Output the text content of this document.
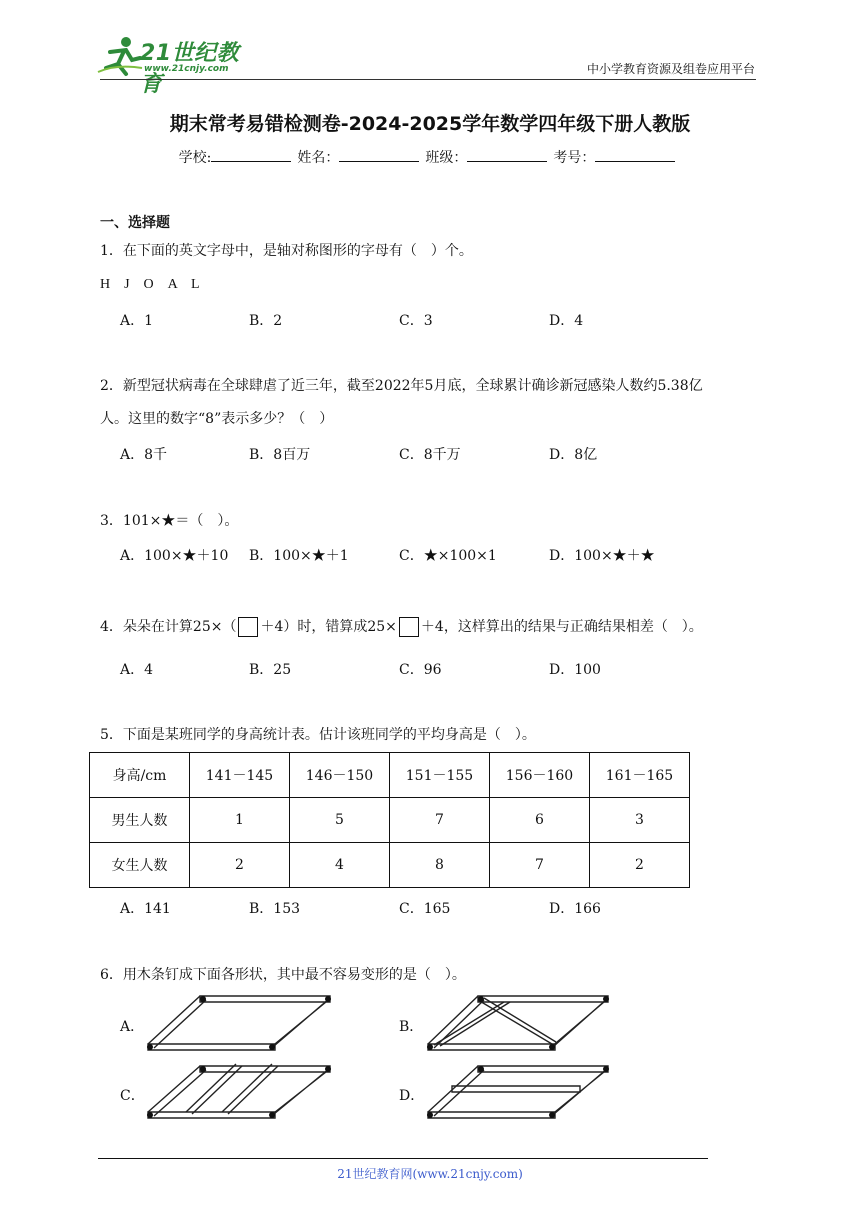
21世纪教育
www.21cnjy.com	中小学教育资源及组卷应用平台
期末常考易错检测卷-2024-2025学年数学四年级下册人教版
学校:	姓名：	班级：	考号：
一、选择题
1．在下面的英文字母中，是轴对称图形的字母有（　）个。
H　J　O　A　L
A．1	B．2	C．3	D．4
2．新型冠状病毒在全球肆虐了近三年，截至2022年5月底，全球累计确诊新冠感染人数约5.38亿
人。这里的数字“8”表示多少？（　）
A．8千	B．8百万	C．8千万	D．8亿
3．101×★＝（　）。
A．100×★＋10 B．100×★＋1	C．★×100×1	D．100×★＋★
4．朵朵在计算25×（ ＋4）时，错算成25× ＋4，这样算出的结果与正确结果相差（　）。
A．4	B．25	C．96	D．100
5．下面是某班同学的身高统计表。估计该班同学的平均身高是（　）。
身高/cm	141－145	146－150	151－155	156－160	161－165
男生人数	1	5	7	6	3
女生人数	2	4	8	7	2
A．141	B．153	C．165	D．166
6．用木条钉成下面各形状，其中最不容易变形的是（　）。
A．	B．
C．	D．
21世纪教育网(www.21cnjy.com)
